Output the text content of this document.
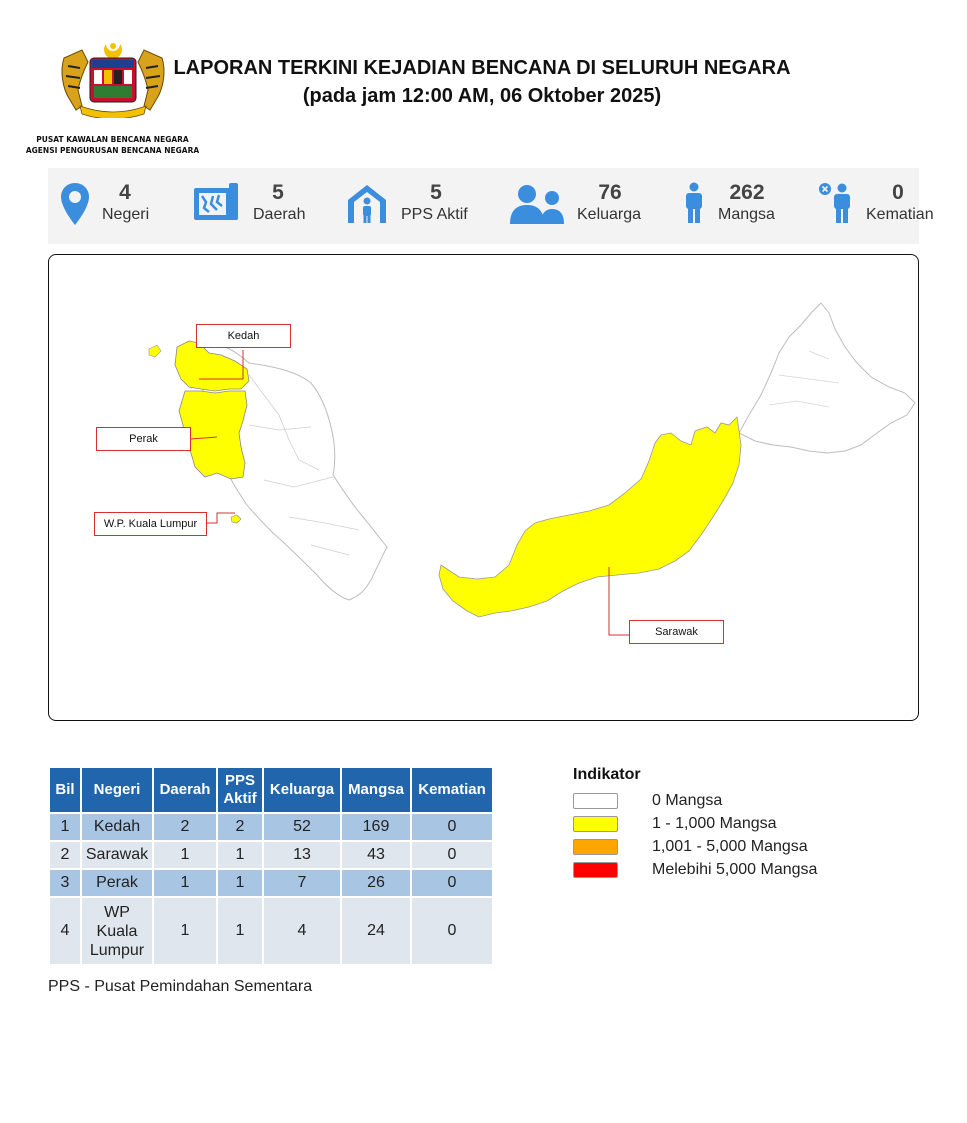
PUSAT KAWALAN BENCANA NEGARA
AGENSI PENGURUSAN BENCANA NEGARA
LAPORAN TERKINI KEJADIAN BENCANA DI SELURUH NEGARA
(pada jam 12:00 AM, 06 Oktober 2025)
4
Negeri
5
Daerah
5
PPS Aktif
76
Keluarga
262
Mangsa
0
Kematian
Kedah
Perak
W.P. Kuala Lumpur
Sarawak
Bil	Negeri	Daerah	PPS Aktif	Keluarga	Mangsa	Kematian
1	Kedah	2	2	52	169	0
2	Sarawak	1	1	13	43	0
3	Perak	1	1	7	26	0
4	WP Kuala Lumpur	1	1	4	24	0
PPS - Pusat Pemindahan Sementara
Indikator
0 Mangsa
1 - 1,000 Mangsa
1,001 - 5,000 Mangsa
Melebihi 5,000 Mangsa
